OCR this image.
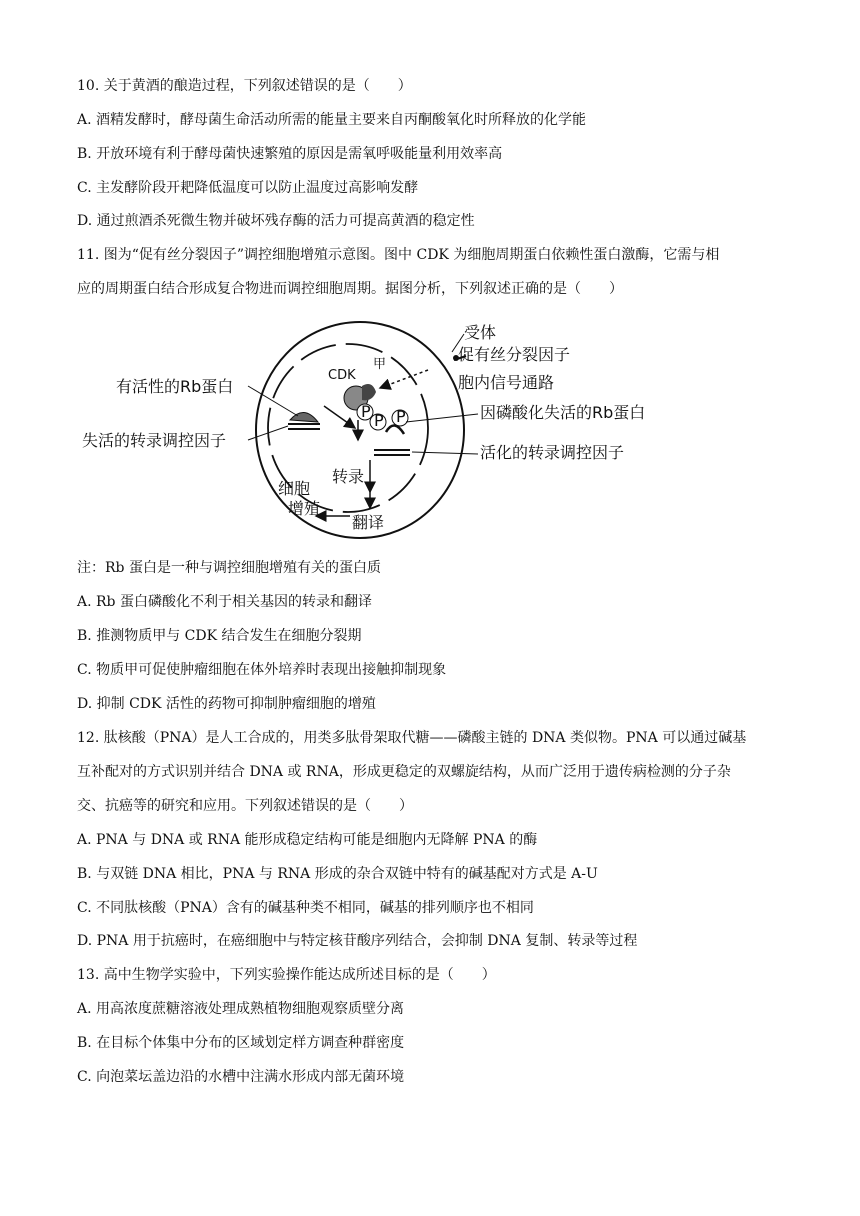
10. 关于黄酒的酿造过程，下列叙述错误的是（　　）
A. 酒精发酵时，酵母菌生命活动所需的能量主要来自丙酮酸氧化时所释放的化学能
B. 开放环境有利于酵母菌快速繁殖的原因是需氧呼吸能量利用效率高
C. 主发酵阶段开耙降低温度可以防止温度过高影响发酵
D. 通过煎酒杀死微生物并破坏残存酶的活力可提高黄酒的稳定性
11. 图为“促有丝分裂因子”调控细胞增殖示意图。图中 CDK 为细胞周期蛋白依赖性蛋白激酶，它需与相
应的周期蛋白结合形成复合物进而调控细胞周期。据图分析，下列叙述正确的是（　　）
CDK
甲
P P P
受体
促有丝分裂因子
胞内信号通路
有活性的Rb蛋白
失活的转录调控因子
因磷酸化失活的Rb蛋白
活化的转录调控因子
转录
翻译
细胞
增殖
注：Rb 蛋白是一种与调控细胞增殖有关的蛋白质
A. Rb 蛋白磷酸化不利于相关基因的转录和翻译
B. 推测物质甲与 CDK 结合发生在细胞分裂期
C. 物质甲可促使肿瘤细胞在体外培养时表现出接触抑制现象
D. 抑制 CDK 活性的药物可抑制肿瘤细胞的增殖
12. 肽核酸（PNA）是人工合成的，用类多肽骨架取代糖——磷酸主链的 DNA 类似物。PNA 可以通过碱基
互补配对的方式识别并结合 DNA 或 RNA，形成更稳定的双螺旋结构，从而广泛用于遗传病检测的分子杂
交、抗癌等的研究和应用。下列叙述错误的是（　　）
A. PNA 与 DNA 或 RNA 能形成稳定结构可能是细胞内无降解 PNA 的酶
B. 与双链 DNA 相比，PNA 与 RNA 形成的杂合双链中特有的碱基配对方式是 A-U
C. 不同肽核酸（PNA）含有的碱基种类不相同，碱基的排列顺序也不相同
D. PNA 用于抗癌时，在癌细胞中与特定核苷酸序列结合，会抑制 DNA 复制、转录等过程
13. 高中生物学实验中，下列实验操作能达成所述目标的是（　　）
A. 用高浓度蔗糖溶液处理成熟植物细胞观察质壁分离
B. 在目标个体集中分布的区域划定样方调查种群密度
C. 向泡菜坛盖边沿的水槽中注满水形成内部无菌环境
